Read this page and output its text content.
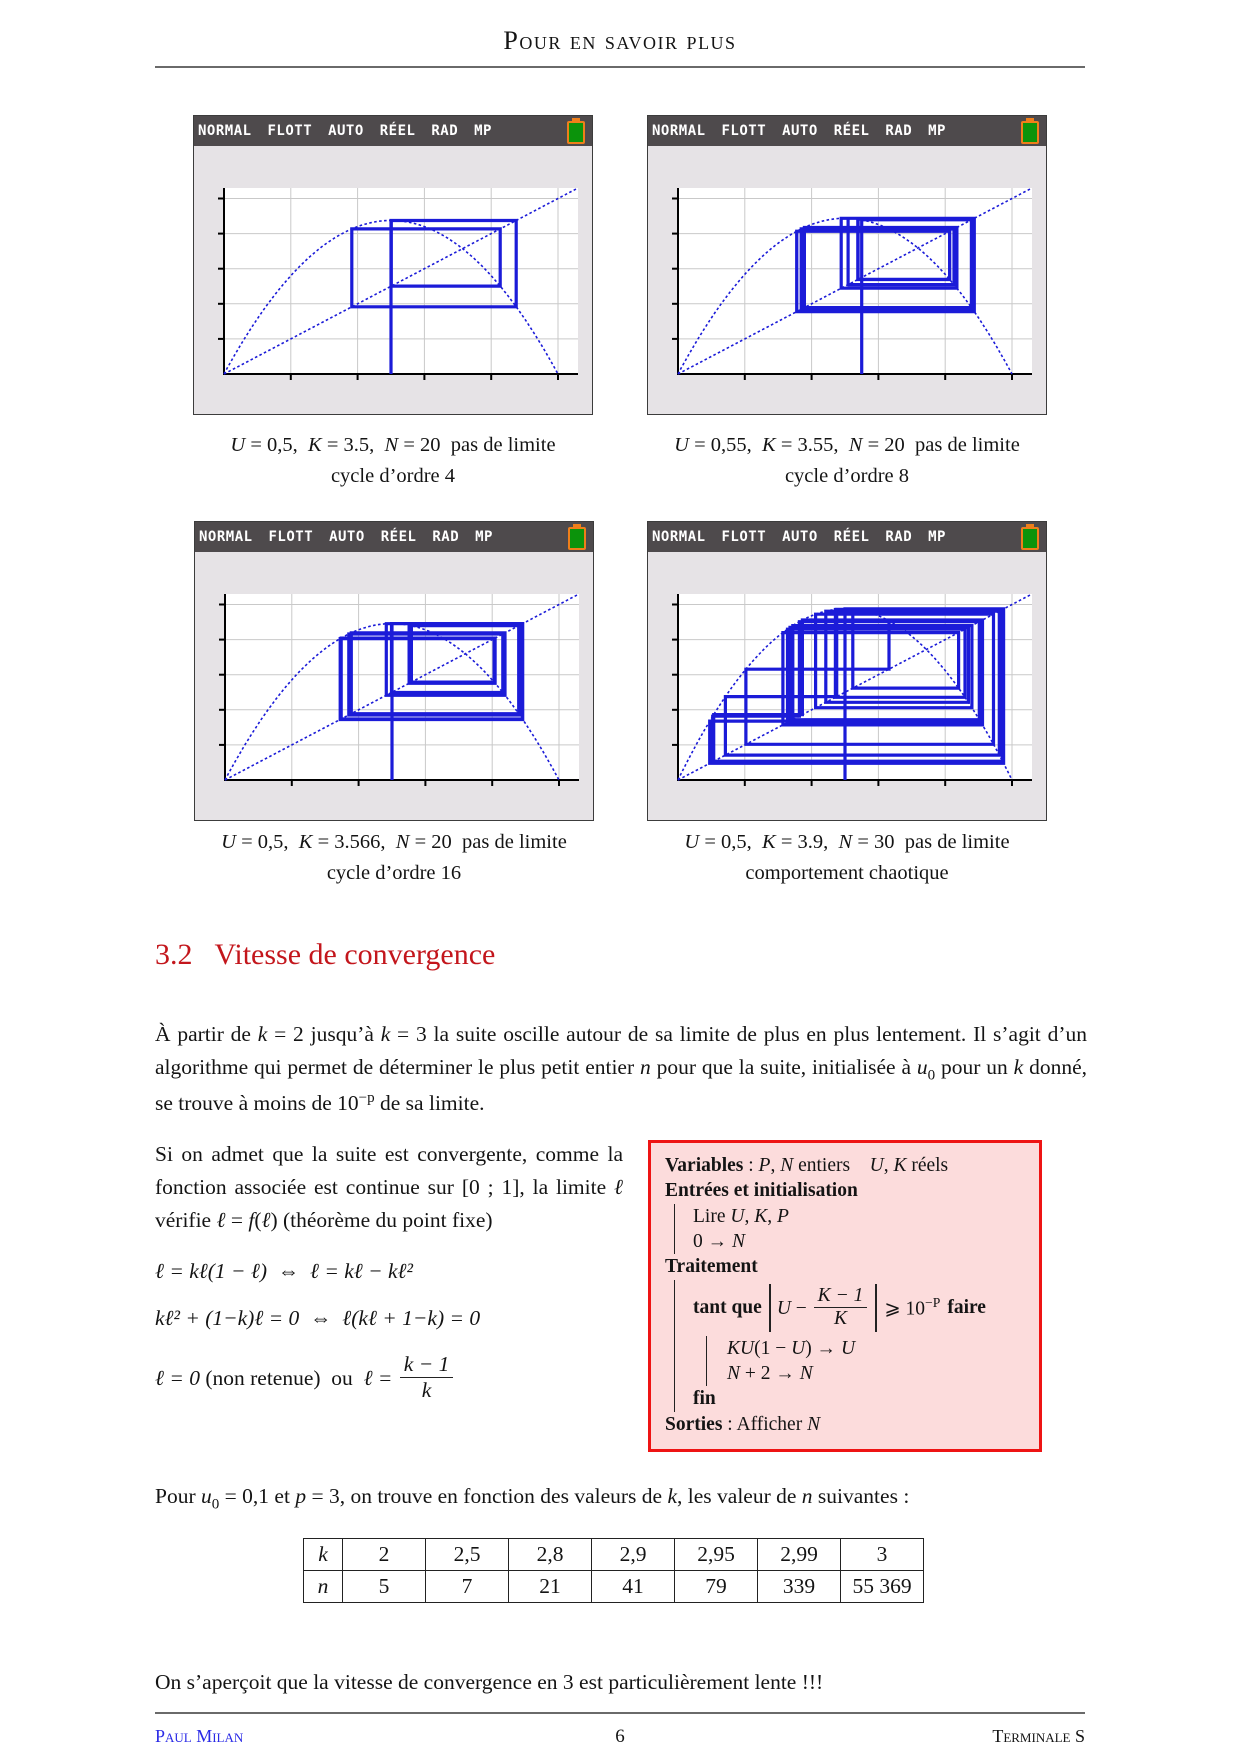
Pour en savoir plus
NORMAL FLOTT AUTO RÉEL RAD MP	NORMAL FLOTT AUTO RÉEL RAD MP
U = 0,5,  K = 3.5,  N = 20  pas de limite
cycle d’ordre 4
U = 0,55,  K = 3.55,  N = 20  pas de limite
cycle d’ordre 8
NORMAL FLOTT AUTO RÉEL RAD MP	NORMAL FLOTT AUTO RÉEL RAD MP
U = 0,5,  K = 3.566,  N = 20  pas de limite
cycle d’ordre 16
U = 0,5,  K = 3.9,  N = 30  pas de limite
comportement chaotique
3.2 Vitesse de convergence

À partir de k = 2 jusqu’à k = 3 la suite oscille autour de sa limite de plus en plus lentement. Il s’agit d’un algorithme qui permet de déterminer le plus petit entier n pour que la suite, initialisée à $u_0$ pour un k donné, se trouve à moins de $10^{-p}$ de sa limite.

Si on admet que la suite est convergente, comme la fonction associée est continue sur [0 ; 1], la limite ℓ vérifie ℓ = f(ℓ) (théorème du point fixe)
ℓ = kℓ(1 − ℓ)  ⇔  ℓ = kℓ − kℓ²
kℓ² + (1−k)ℓ = 0  ⇔  ℓ(kℓ + 1−k) = 0
ℓ = 0 (non retenue)  ou  ℓ = $\frac{k - 1}{k}$
Variables : P, N entiers    U, K réels
Entrées et initialisation
Lire U, K, P
0 → N
Traitement
tant que $U - \frac{K - 1}{K}$ ⩾ $10^{-P}$ faire
KU(1 − U) → U
N + 2 → N
fin
Sorties : Afficher N

Pour $u_0 = 0,1$ et p = 3, on trouve en fonction des valeurs de k, les valeur de n suivantes :

k	2	2,5	2,8	2,9	2,95	2,99	3
n	5	7	21	41	79	339	55 369

On s’aperçoit que la vitesse de convergence en 3 est particulièrement lente !!!

Paul Milan	6	Terminale S
